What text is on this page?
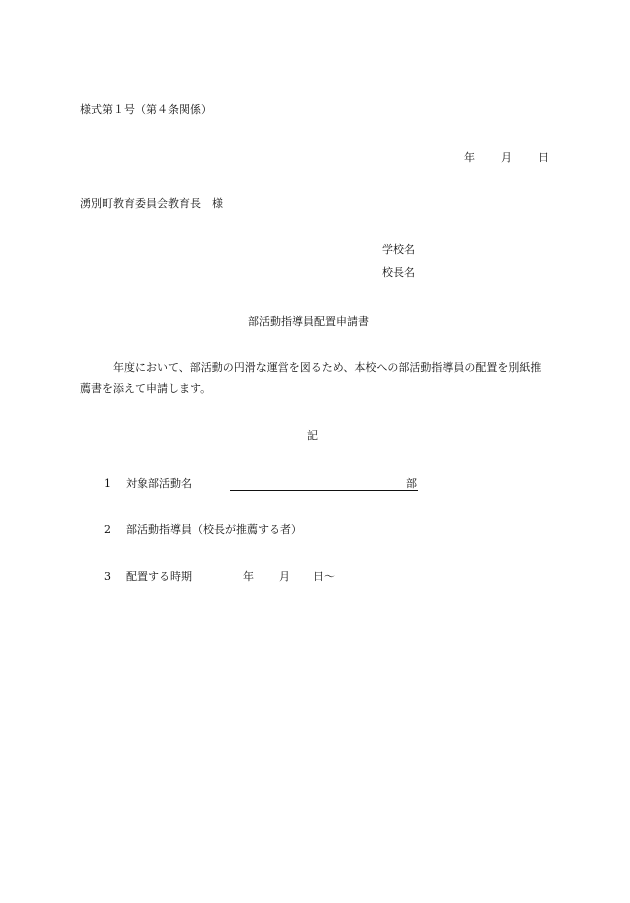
様式第１号（第４条関係）
年 月 日
湧別町教育委員会教育長　様
学校名
校長名
部活動指導員配置申請書
年度において、部活動の円滑な運営を図るため、本校への部活動指導員の配置を別紙推薦書を添えて申請します。
記
1 対象部活動名	部
2 部活動指導員（校長が推薦する者）
3 配置する時期	年 月 日～
